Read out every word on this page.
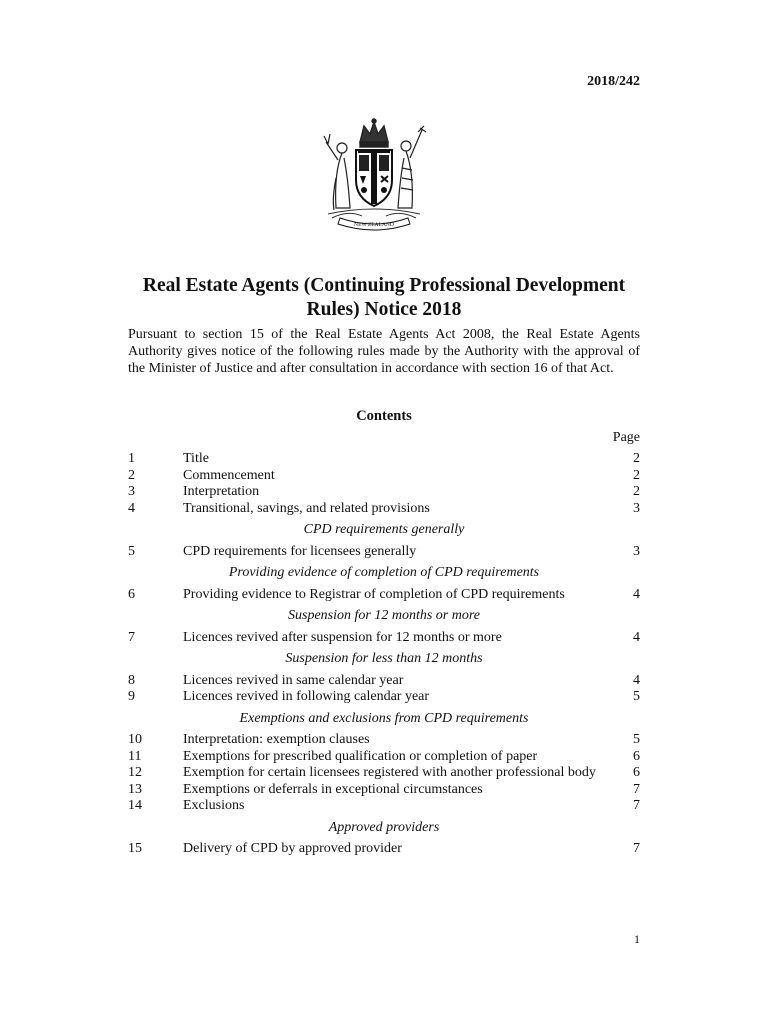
2018/242
NEW ZEALAND
Real Estate Agents (Continuing Professional Development Rules) Notice 2018

Pursuant to section 15 of the Real Estate Agents Act 2008, the Real Estate Agents Authority gives notice of the following rules made by the Authority with the approval of the Minister of Justice and after consultation in accordance with section 16 of that Act.

Contents
Page
1	Title	2
2	Commencement	2
3	Interpretation	2
4	Transitional, savings, and related provisions	3
CPD requirements generally
5	CPD requirements for licensees generally	3
Providing evidence of completion of CPD requirements
6	Providing evidence to Registrar of completion of CPD requirements	4
Suspension for 12 months or more
7	Licences revived after suspension for 12 months or more	4
Suspension for less than 12 months
8	Licences revived in same calendar year	4
9	Licences revived in following calendar year	5
Exemptions and exclusions from CPD requirements
10	Interpretation: exemption clauses	5
11	Exemptions for prescribed qualification or completion of paper	6
12	Exemption for certain licensees registered with another professional body	6
13	Exemptions or deferrals in exceptional circumstances	7
14	Exclusions	7
Approved providers
15	Delivery of CPD by approved provider	7
1
